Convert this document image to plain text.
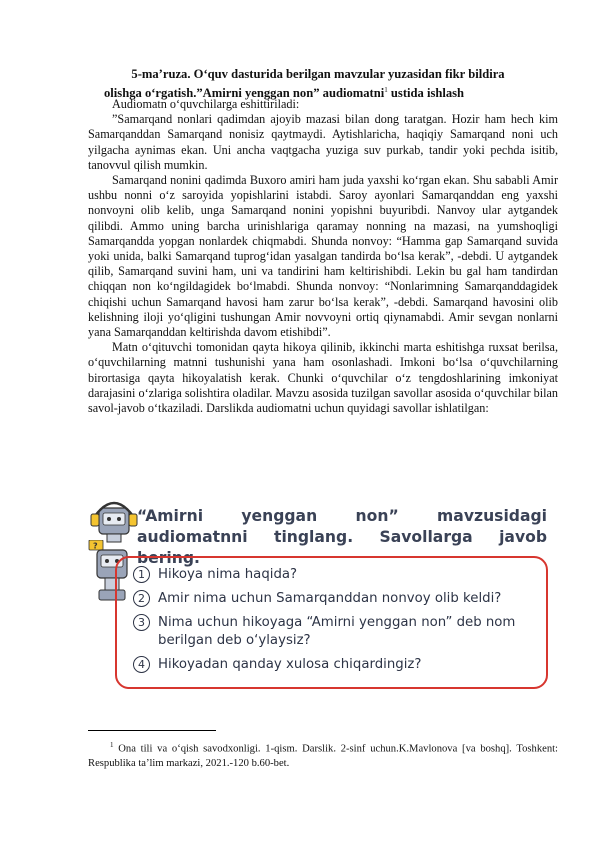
5-ma’ruza. O‘quv dasturida berilgan mavzular yuzasidan fikr bildira
olishga o‘rgatish.”Amirni yenggan non” audiomatni$^1$ ustida ishlash

Audiomatn o‘quvchilarga eshittiriladi:

”Samarqand nonlari qadimdan ajoyib mazasi bilan dong taratgan. Hozir ham hech kim Samarqanddan Samarqand nonisiz qaytmaydi. Aytishlaricha, haqiqiy Samarqand noni uch yilgacha aynimas ekan. Uni ancha vaqtgacha yuziga suv purkab, tandir yoki pechda isitib, tanovvul qilish mumkin.

Samarqand nonini qadimda Buxoro amiri ham juda yaxshi ko‘rgan ekan. Shu sababli Amir ushbu nonni o‘z saroyida yopishlarini istabdi. Saroy ayonlari Samarqanddan eng yaxshi nonvoyni olib kelib, unga Samarqand nonini yopishni buyuribdi. Nanvoy ular aytgandek qilibdi. Ammo uning barcha urinishlariga qaramay nonning na mazasi, na yumshoqligi Samarqandda yopgan nonlardek chiqmabdi. Shunda nonvoy: “Hamma gap Samarqand suvida yoki unida, balki Samarqand tuprog‘idan yasalgan tandirda bo‘lsa kerak”, -debdi. U aytgandek qilib, Samarqand suvini ham, uni va tandirini ham keltirishibdi. Lekin bu gal ham tandirdan chiqqan non ko‘ngildagidek bo‘lmabdi. Shunda nonvoy: “Nonlarimning Samarqanddagidek chiqishi uchun Samarqand havosi ham zarur bo‘lsa kerak”, -debdi. Samarqand havosini olib kelishning iloji yo‘qligini tushungan Amir novvoyni ortiq qiynamabdi. Amir sevgan nonlarni yana Samarqanddan keltirishda davom etishibdi”.

Matn o‘qituvchi tomonidan qayta hikoya qilinib, ikkinchi marta eshitishga ruxsat berilsa, o‘quvchilarning matnni tushunishi yana ham osonlashadi. Imkoni bo‘lsa o‘quvchilarning birortasiga qayta hikoyalatish kerak. Chunki o‘quvchilar o‘z tengdoshlarining imkoniyat darajasini o‘zlariga solishtira oladilar. Mavzu asosida tuzilgan savollar asosida o‘quvchilar bilan savol-javob o‘tkaziladi. Darslikda audiomatni uchun quyidagi savollar ishlatilgan:

?
“Amirni yenggan non” mavzusidagi audiomatnni tinglang. Savollarga javob bering.
1 Hikoya nima haqida?
2 Amir nima uchun Samarqanddan nonvoy olib keldi?
3 Nima uchun hikoyaga “Amirni yenggan non” deb nom berilgan deb o‘ylaysiz?
4 Hikoyadan qanday xulosa chiqardingiz?
$^1$ Ona tili va o‘qish savodxonligi. 1-qism. Darslik. 2-sinf uchun.K.Mavlonova [va boshq]. Toshkent: Respublika ta’lim markazi, 2021.-120 b.60-bet.
